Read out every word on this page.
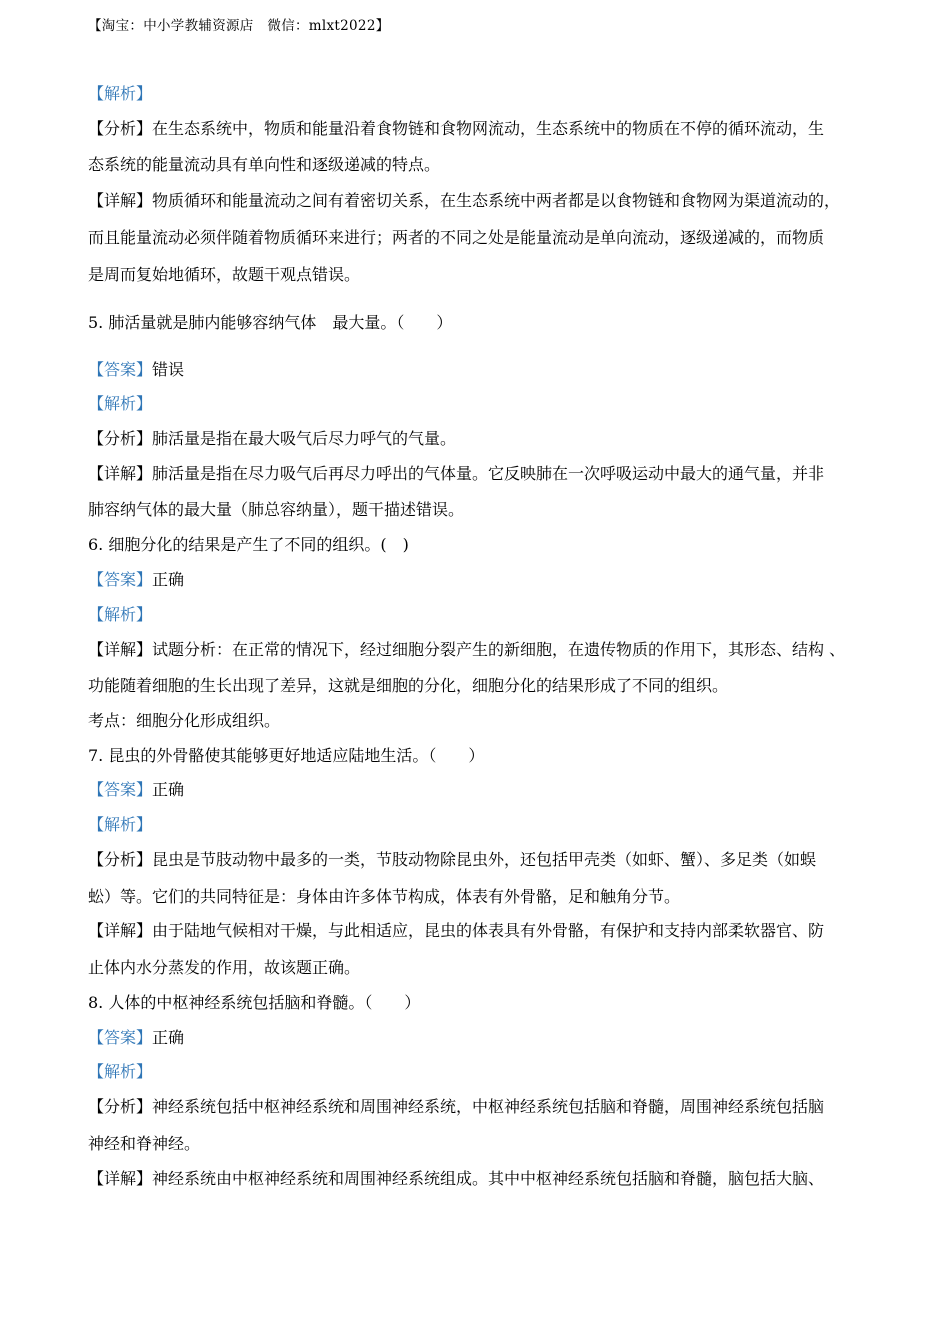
【淘宝：中小学教辅资源店　微信：mlxt2022】
【解析】
【分析】在生态系统中，物质和能量沿着食物链和食物网流动，生态系统中的物质在不停的循环流动，生
态系统的能量流动具有单向性和逐级递减的特点。
【详解】物质循环和能量流动之间有着密切关系，在生态系统中两者都是以食物链和食物网为渠道流动的，
而且能量流动必须伴随着物质循环来进行；两者的不同之处是能量流动是单向流动，逐级递减的，而物质
是周而复始地循环，故题干观点错误。
5. 肺活量就是肺内能够容纳气体　最大量。（　　）
【答案】错误
【解析】
【分析】肺活量是指在最大吸气后尽力呼气的气量。
【详解】肺活量是指在尽力吸气后再尽力呼出的气体量。它反映肺在一次呼吸运动中最大的通气量，并非
肺容纳气体的最大量（肺总容纳量），题干描述错误。
6. 细胞分化的结果是产生了不同的组织。(　)
【答案】正确
【解析】
【详解】试题分析：在正常的情况下，经过细胞分裂产生的新细胞，在遗传物质的作用下，其形态、结构 、
功能随着细胞的生长出现了差异，这就是细胞的分化，细胞分化的结果形成了不同的组织。
考点：细胞分化形成组织。
7. 昆虫的外骨骼使其能够更好地适应陆地生活。（　　）
【答案】正确
【解析】
【分析】昆虫是节肢动物中最多的一类，节肢动物除昆虫外，还包括甲壳类（如虾、蟹）、多足类（如蜈
蚣）等。它们的共同特征是：身体由许多体节构成，体表有外骨骼，足和触角分节。
【详解】由于陆地气候相对干燥，与此相适应，昆虫的体表具有外骨骼，有保护和支持内部柔软器官、防
止体内水分蒸发的作用，故该题正确。
8. 人体的中枢神经系统包括脑和脊髓。（　　）
【答案】正确
【解析】
【分析】神经系统包括中枢神经系统和周围神经系统，中枢神经系统包括脑和脊髓，周围神经系统包括脑
神经和脊神经。
【详解】神经系统由中枢神经系统和周围神经系统组成。其中中枢神经系统包括脑和脊髓，脑包括大脑、
